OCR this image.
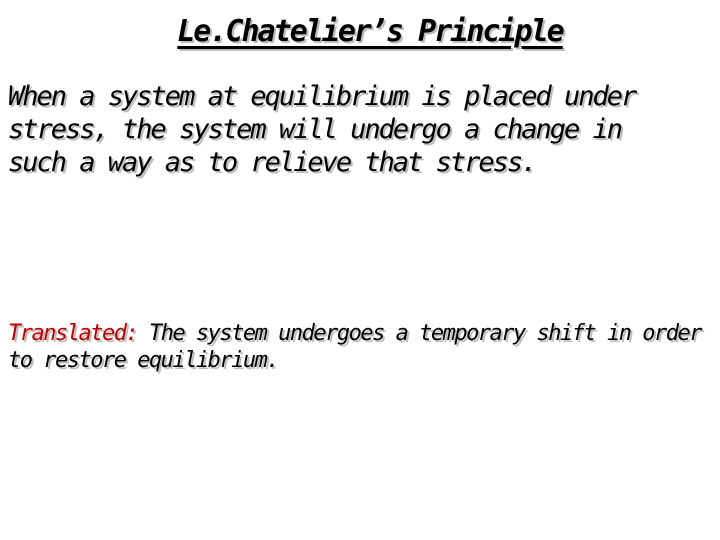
Le.Chatelier’s Principle
When a system at equilibrium is placed under stress, the system will undergo a change in such a way as to relieve that stress.
Translated: The system undergoes a temporary shift in order to restore equilibrium.
